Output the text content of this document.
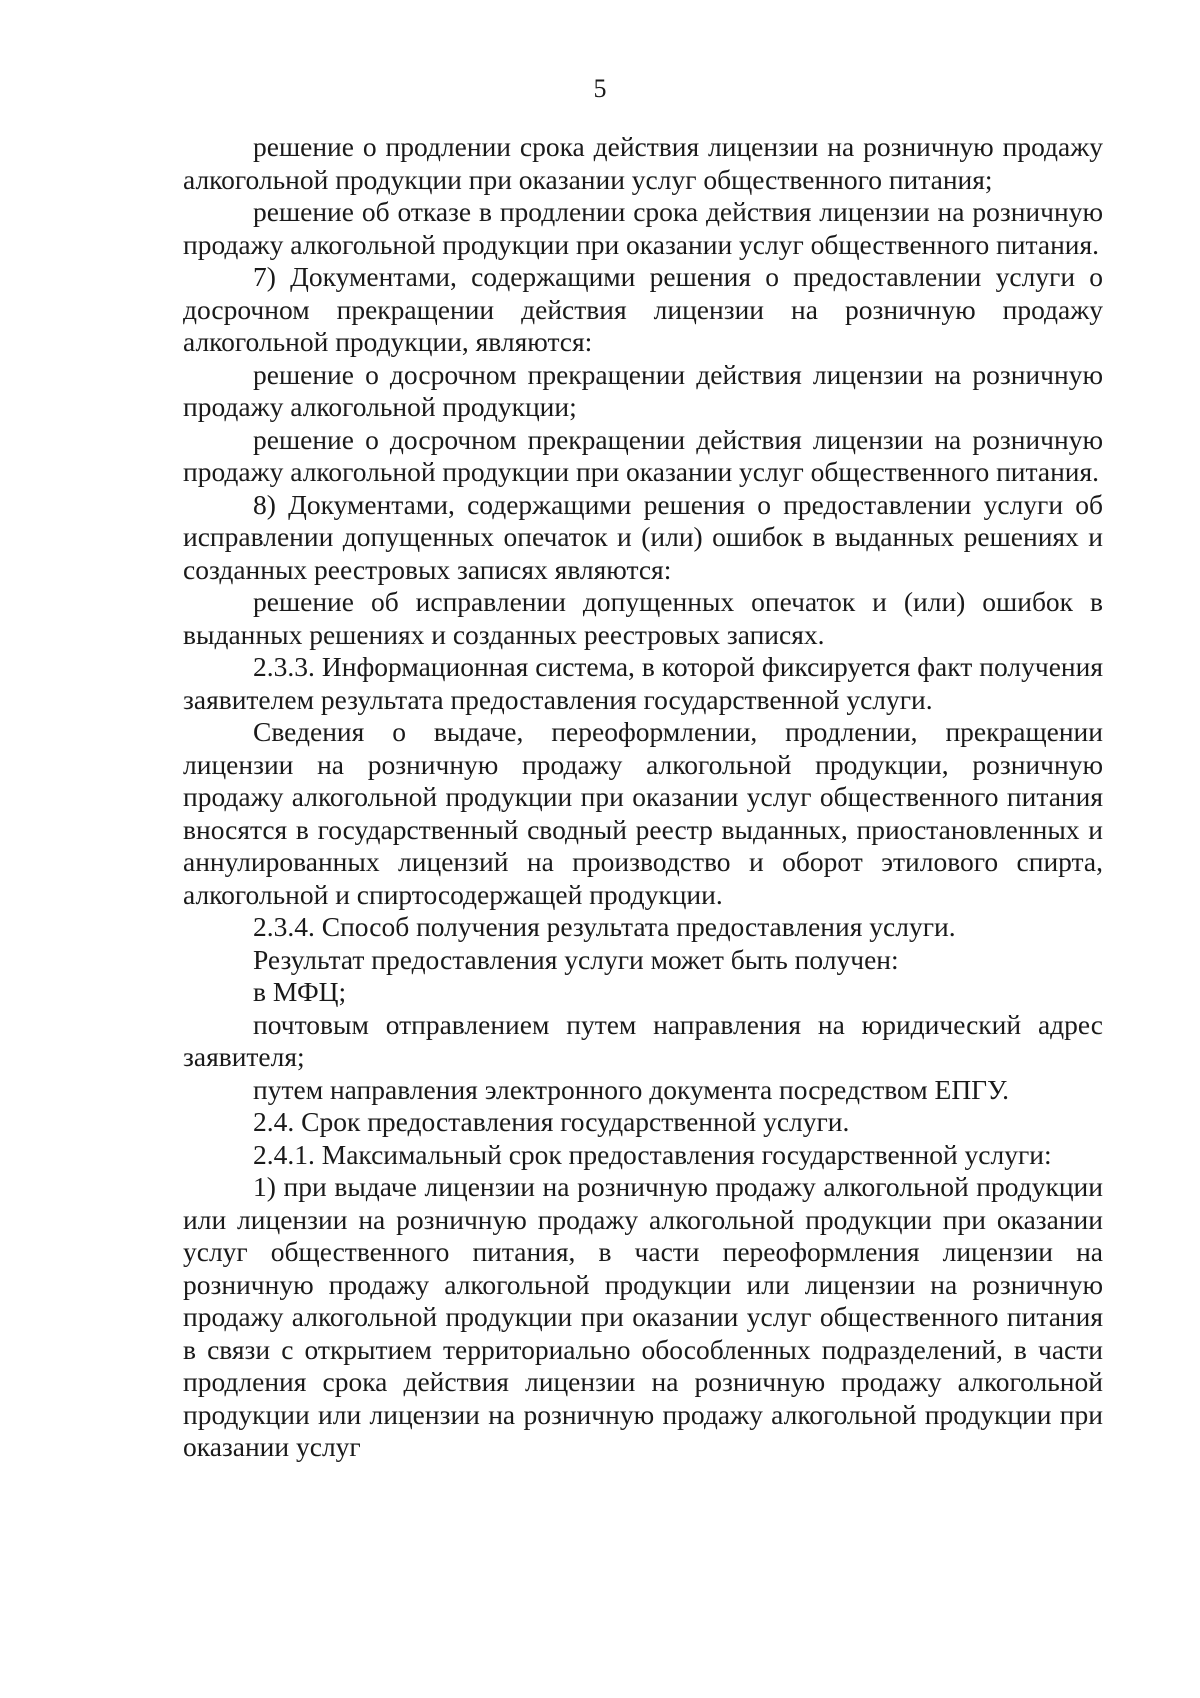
5

решение о продлении срока действия лицензии на розничную продажу алкогольной продукции при оказании услуг общественного питания;

решение об отказе в продлении срока действия лицензии на розничную продажу алкогольной продукции при оказании услуг общественного питания.

7) Документами, содержащими решения о предоставлении услуги о досрочном прекращении действия лицензии на розничную продажу алкогольной продукции, являются:

решение о досрочном прекращении действия лицензии на розничную продажу алкогольной продукции;

решение о досрочном прекращении действия лицензии на розничную продажу алкогольной продукции при оказании услуг общественного питания.

8) Документами, содержащими решения о предоставлении услуги об исправлении допущенных опечаток и (или) ошибок в выданных решениях и созданных реестровых записях являются:

решение об исправлении допущенных опечаток и (или) ошибок в выданных решениях и созданных реестровых записях.

2.3.3. Информационная система, в которой фиксируется факт получения заявителем результата предоставления государственной услуги.

Сведения о выдаче, переоформлении, продлении, прекращении лицензии на розничную продажу алкогольной продукции, розничную продажу алкогольной продукции при оказании услуг общественного питания вносятся в государственный сводный реестр выданных, приостановленных и аннулированных лицензий на производство и оборот этилового спирта, алкогольной и спиртосодержащей продукции.

2.3.4. Способ получения результата предоставления услуги.

Результат предоставления услуги может быть получен:

в МФЦ;

почтовым отправлением путем направления на юридический адрес заявителя;

путем направления электронного документа посредством ЕПГУ.

2.4. Срок предоставления государственной услуги.

2.4.1. Максимальный срок предоставления государственной услуги:

1) при выдаче лицензии на розничную продажу алкогольной продукции или лицензии на розничную продажу алкогольной продукции при оказании услуг общественного питания, в части переоформления лицензии на розничную продажу алкогольной продукции или лицензии на розничную продажу алкогольной продукции при оказании услуг общественного питания в связи с открытием территориально обособленных подразделений, в части продления срока действия лицензии на розничную продажу алкогольной продукции или лицензии на розничную продажу алкогольной продукции при оказании услуг
